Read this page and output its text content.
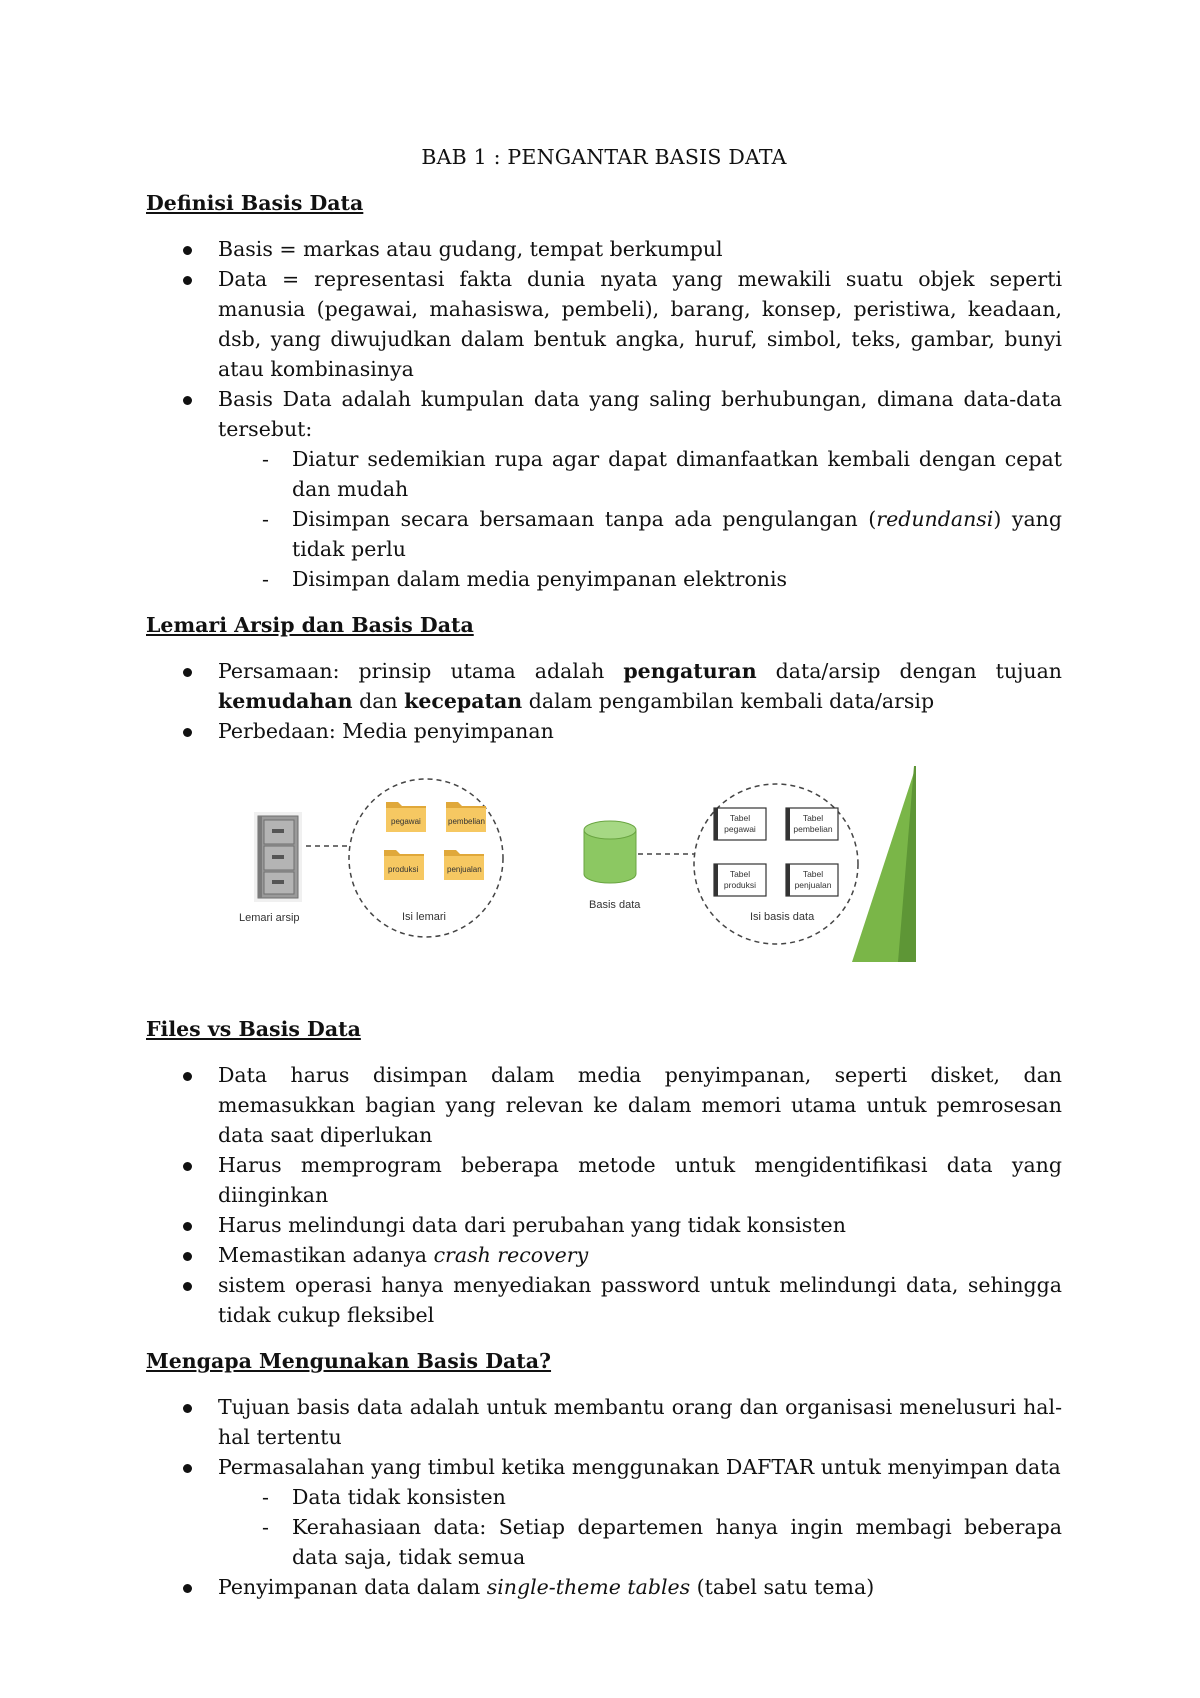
BAB 1 : PENGANTAR BASIS DATA
Definisi Basis Data
Basis = markas atau gudang, tempat berkumpul
Data = representasi fakta dunia nyata yang mewakili suatu objek seperti manusia (pegawai, mahasiswa, pembeli), barang, konsep, peristiwa, keadaan, dsb, yang diwujudkan dalam bentuk angka, huruf, simbol, teks, gambar, bunyi atau kombinasinya
Basis Data adalah kumpulan data yang saling berhubungan, dimana data-data tersebut:
- Diatur sedemikian rupa agar dapat dimanfaatkan kembali dengan cepat dan mudah
- Disimpan secara bersamaan tanpa ada pengulangan (redundansi) yang tidak perlu
- Disimpan dalam media penyimpanan elektronis
Lemari Arsip dan Basis Data
Persamaan: prinsip utama adalah pengaturan data/arsip dengan tujuan kemudahan dan kecepatan dalam pengambilan kembali data/arsip
Perbedaan: Media penyimpanan
Lemari arsip
pegawai	pembelian
produksi	penjualan
Isi lemari
Basis data
Tabel
pegawai
Tabel
pembelian
Tabel
produksi
Tabel
penjualan
Isi basis data
Files vs Basis Data
Data harus disimpan dalam media penyimpanan, seperti disket, dan memasukkan bagian yang relevan ke dalam memori utama untuk pemrosesan data saat diperlukan
Harus memprogram beberapa metode untuk mengidentifikasi data yang diinginkan
Harus melindungi data dari perubahan yang tidak konsisten
Memastikan adanya crash recovery
sistem operasi hanya menyediakan password untuk melindungi data, sehingga tidak cukup fleksibel
Mengapa Mengunakan Basis Data?
Tujuan basis data adalah untuk membantu orang dan organisasi menelusuri hal-hal tertentu
Permasalahan yang timbul ketika menggunakan DAFTAR untuk menyimpan data
- Data tidak konsisten
- Kerahasiaan data: Setiap departemen hanya ingin membagi beberapa data saja, tidak semua
Penyimpanan data dalam single-theme tables (tabel satu tema)
